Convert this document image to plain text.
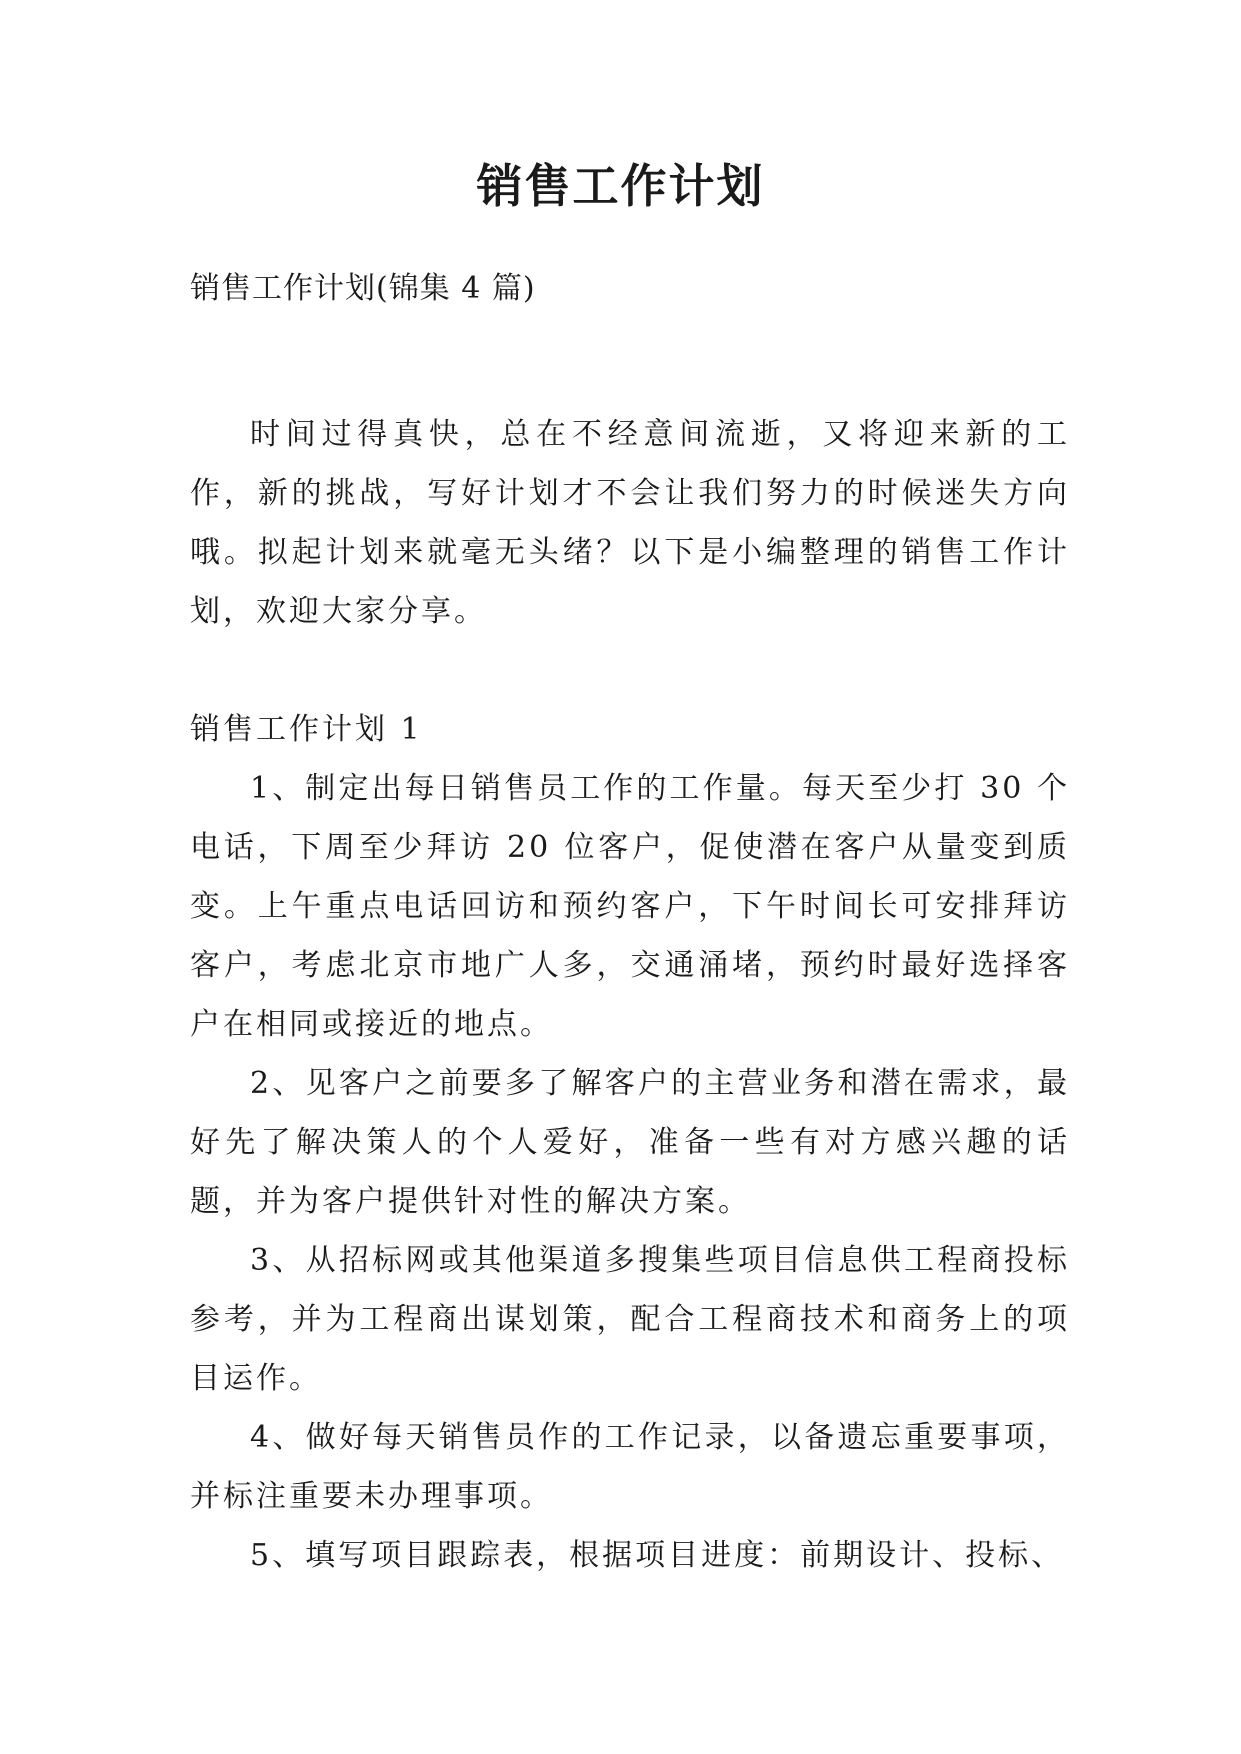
销售工作计划
销售工作计划(锦集 4 篇)

时间过得真快，总在不经意间流逝，又将迎来新的工作，新的挑战，写好计划才不会让我们努力的时候迷失方向哦。拟起计划来就毫无头绪？以下是小编整理的销售工作计划，欢迎大家分享。

销售工作计划 1

1、制定出每日销售员工作的工作量。每天至少打 30 个电话，下周至少拜访 20 位客户，促使潜在客户从量变到质变。上午重点电话回访和预约客户，下午时间长可安排拜访客户，考虑北京市地广人多，交通涌堵，预约时最好选择客户在相同或接近的地点。

2、见客户之前要多了解客户的主营业务和潜在需求，最好先了解决策人的个人爱好，准备一些有对方感兴趣的话题，并为客户提供针对性的解决方案。

3、从招标网或其他渠道多搜集些项目信息供工程商投标参考，并为工程商出谋划策，配合工程商技术和商务上的项目运作。

4、做好每天销售员作的工作记录，以备遗忘重要事项，并标注重要未办理事项。

5、填写项目跟踪表，根据项目进度：前期设计、投标、
